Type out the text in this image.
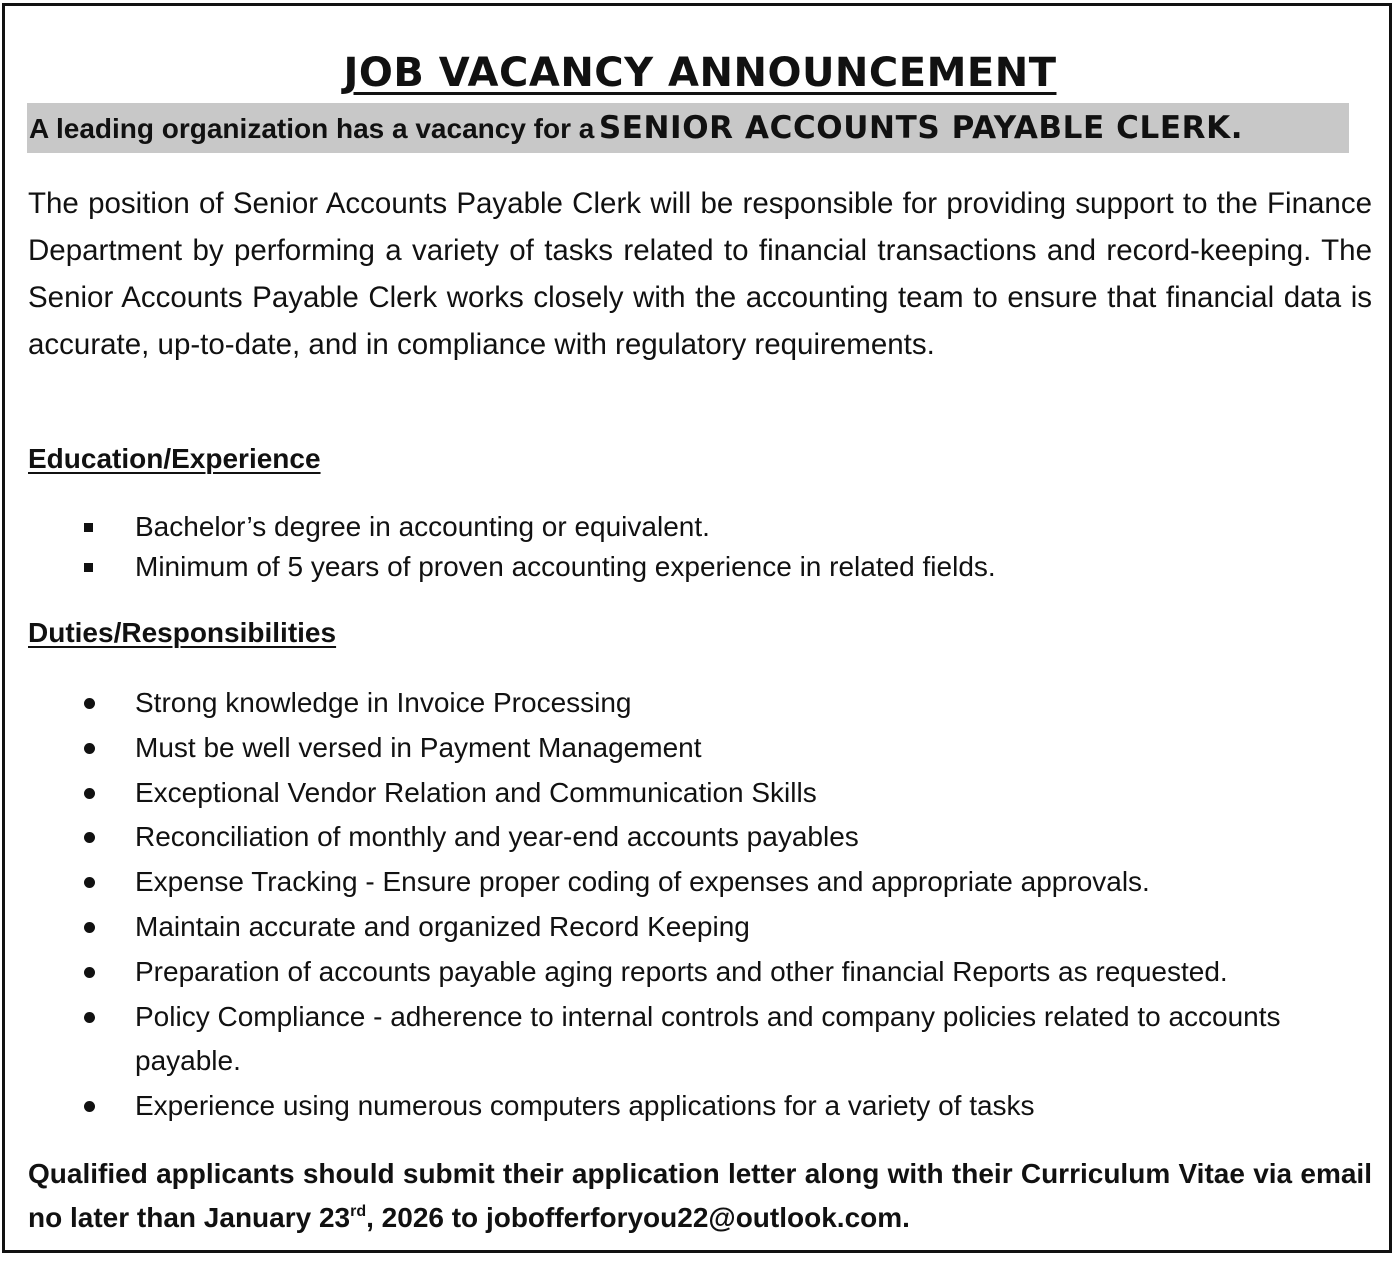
JOB VACANCY ANNOUNCEMENT
A leading organization has a vacancy for a SENIOR ACCOUNTS PAYABLE CLERK.

The position of Senior Accounts Payable Clerk will be responsible for providing support to the Finance Department by performing a variety of tasks related to financial transactions and record-keeping. The Senior Accounts Payable Clerk works closely with the accounting team to ensure that financial data is accurate, up-to-date, and in compliance with regulatory requirements.

Education/Experience
Bachelor’s degree in accounting or equivalent.
Minimum of 5 years of proven accounting experience in related fields.
Duties/Responsibilities
Strong knowledge in Invoice Processing
Must be well versed in Payment Management
Exceptional Vendor Relation and Communication Skills
Reconciliation of monthly and year-end accounts payables
Expense Tracking - Ensure proper coding of expenses and appropriate approvals.
Maintain accurate and organized Record Keeping
Preparation of accounts payable aging reports and other financial Reports as requested.
Policy Compliance - adherence to internal controls and company policies related to accounts payable.
Experience using numerous computers applications for a variety of tasks

Qualified applicants should submit their application letter along with their Curriculum Vitae via email no later than January 23rd, 2026 to jobofferforyou22@outlook.com.
